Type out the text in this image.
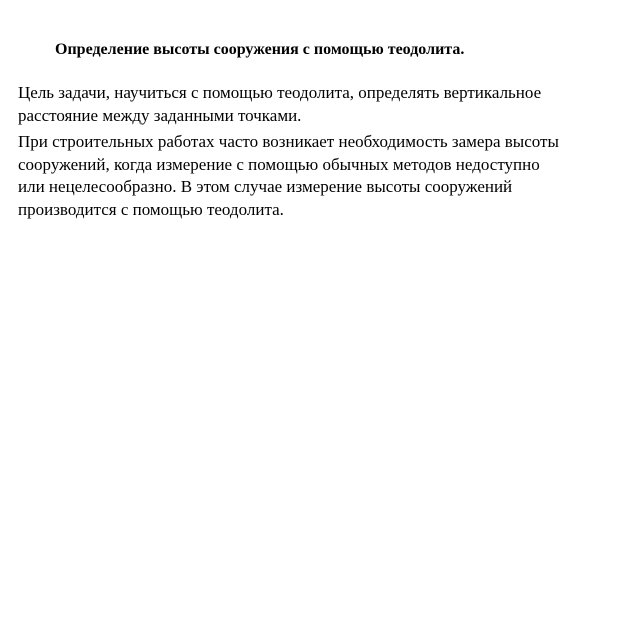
Определение высоты сооружения с помощью теодолита.

Цель задачи, научиться с помощью теодолита, определять вертикальное
расстояние между заданными точками.

При строительных работах часто возникает необходимость замера высоты
сооружений, когда измерение с помощью обычных методов недоступно
или нецелесообразно. В этом случае измерение высоты сооружений
производится с помощью теодолита.
